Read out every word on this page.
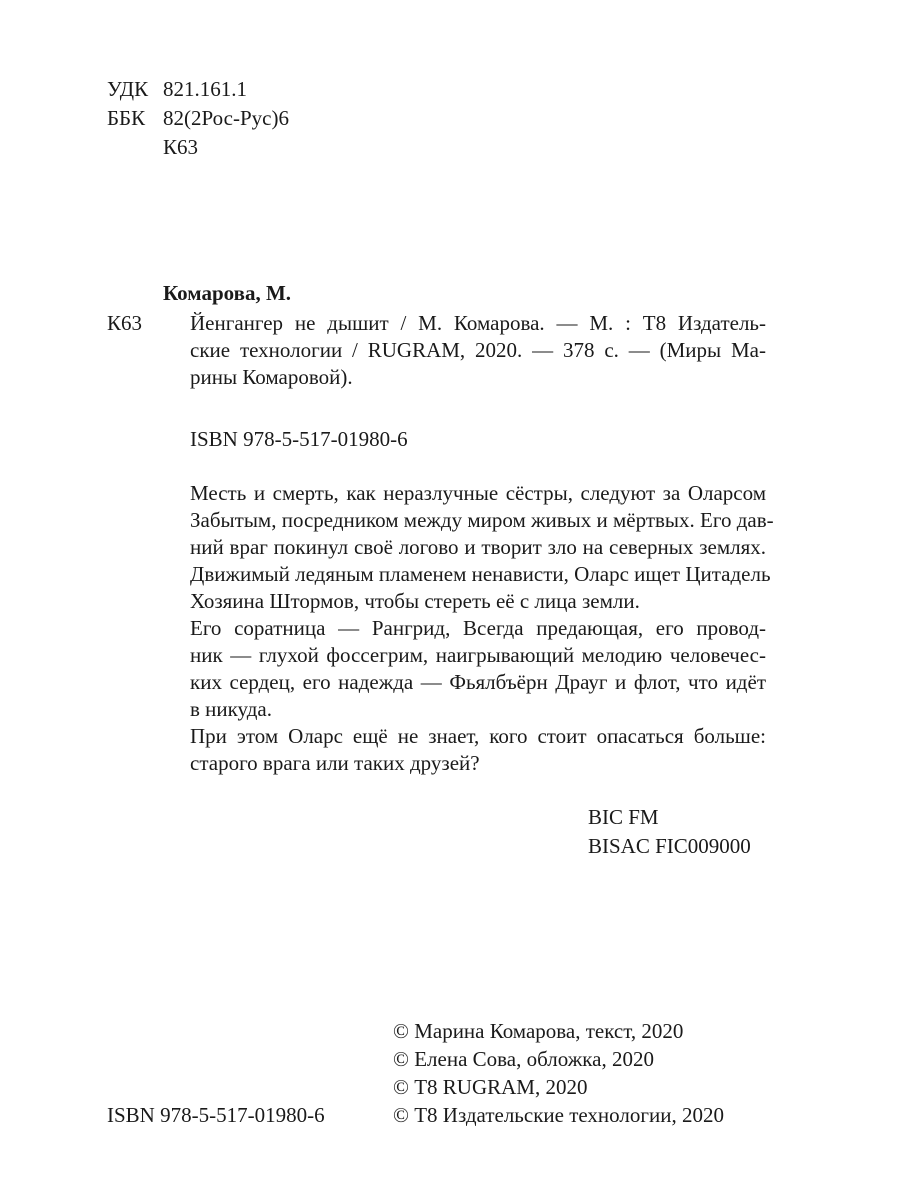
УДК 821.161.1
ББК 82(2Рос-Рус)6
К63
Комарова, М.
К63 Йенгангер не дышит / М. Комарова. — М. : Т8 Издатель-
ские технологии / RUGRAM, 2020. — 378 с. — (Миры Ма-
рины Комаровой).
ISBN 978-5-517-01980-6
Месть и смерть, как неразлучные сёстры, следуют за Оларсом
Забытым, посредником между миром живых и мёртвых. Его дав-
ний враг покинул своё логово и творит зло на северных землях.
Движимый ледяным пламенем ненависти, Оларс ищет Цитадель
Хозяина Штормов, чтобы стереть её с лица земли.
Его соратница — Рангрид, Всегда предающая, его провод-
ник — глухой фоссегрим, наигрывающий мелодию человечес-
ких сердец, его надежда — Фьялбъёрн Драуг и флот, что идёт
в никуда.
При этом Оларс ещё не знает, кого стоит опасаться больше:
старого врага или таких друзей?
BIC FM
BISAC FIC009000
© Марина Комарова, текст, 2020
© Елена Сова, обложка, 2020
© Т8 RUGRAM, 2020
© Т8 Издательские технологии, 2020
ISBN 978-5-517-01980-6
